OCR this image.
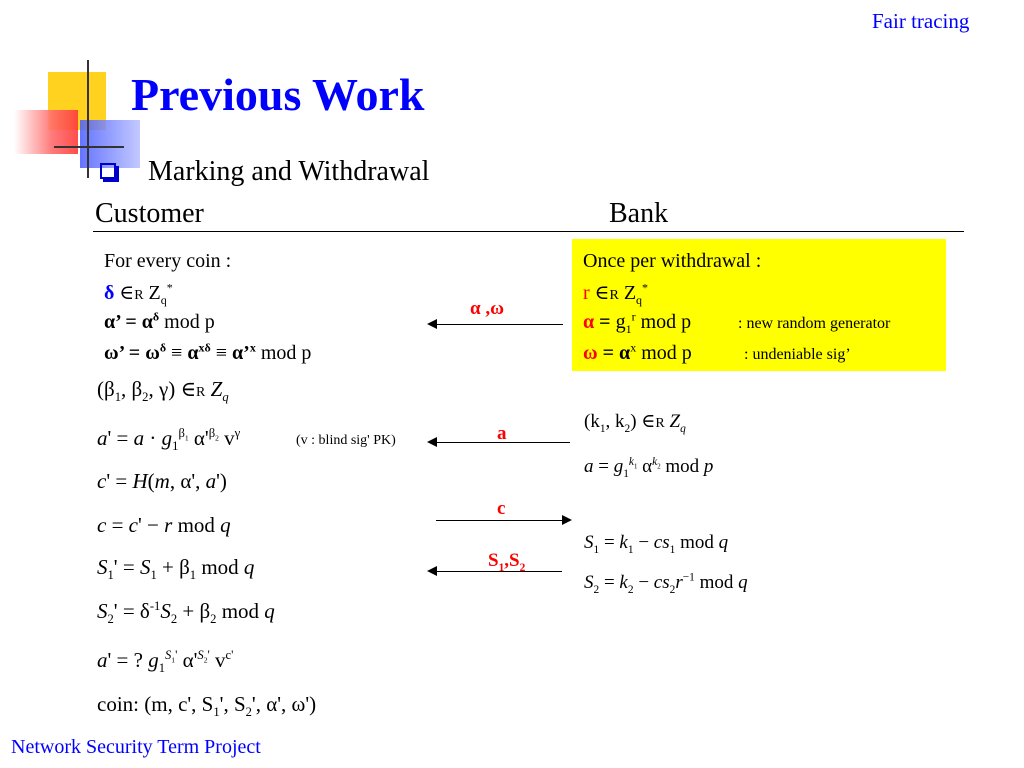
Fair tracing
Previous Work
Marking and Withdrawal
Customer	Bank
For every coin :
δ ∈R $Z_q^*$
α’ = $\alpha^\delta$ mod p
ω’ = $\omega^\delta \equiv \alpha^{x\delta}$ ≡ α’$^x$ mod p
($\beta_1$, $\beta_2$, γ) ∈R $Z_q$
$a' = a \cdot g_1^{\beta_1}$ $\alpha'^{\beta_2}$ $v^\gamma$	(v : blind sig' PK)
c' = H(m, α', a')
c = c' − r mod q
$S_1' = S_1 + \beta_1$ mod q
$S_2' = \delta^{-1}S_2 + \beta_2$ mod q
a' = ? $g_1^{S_1'}$ $\alpha'^{S_2'}$ $v^{c'}$
coin: (m, c', $S_1'$, $S_2'$, α', ω')
Once per withdrawal :
r ∈R $Z_q^*$
$\alpha = g_1^r$ mod p	: new random generator
$\omega = \alpha^x$ mod p	: undeniable sig’
($k_1$, $k_2$) ∈R $Z_q$
$a = g_1^{k_1}$ $\alpha^{k_2}$ mod p
$S_1 = k_1 - cs_1$ mod q
$S_2 = k_2 - cs_2r^{-1}$ mod q
α ,ω
a
c
$S_1,S_2$
Network Security Term Project
